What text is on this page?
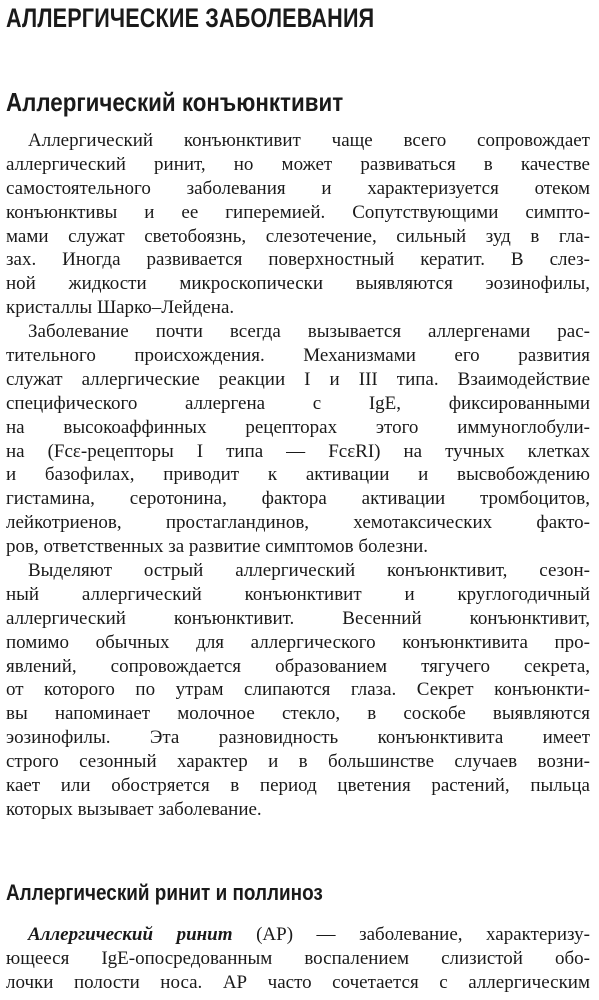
АЛЛЕРГИЧЕСКИЕ ЗАБОЛЕВАНИЯ
Аллергический конъюнктивит
Аллергический конъюнктивит чаще всего сопровождает
аллергический ринит, но может развиваться в качестве
самостоятельного заболевания и характеризуется отеком
конъюнктивы и ее гиперемией. Сопутствующими симпто-
мами служат светобоязнь, слезотечение, сильный зуд в гла-
зах. Иногда развивается поверхностный кератит. В слез-
ной жидкости микроскопически выявляются эозинофилы,
кристаллы Шарко–Лейдена.
Заболевание почти всегда вызывается аллергенами рас-
тительного происхождения. Механизмами его развития
служат аллергические реакции I и III типа. Взаимодействие
специфического аллергена с IgE, фиксированными
на высокоаффинных рецепторах этого иммуноглобули-
на (Fcε-рецепторы I типа — FcεRI) на тучных клетках
и базофилах, приводит к активации и высвобождению
гистамина, серотонина, фактора активации тромбоцитов,
лейкотриенов, простагландинов, хемотаксических факто-
ров, ответственных за развитие симптомов болезни.
Выделяют острый аллергический конъюнктивит, сезон-
ный аллергический конъюнктивит и круглогодичный
аллергический конъюнктивит. Весенний конъюнктивит,
помимо обычных для аллергического конъюнктивита про-
явлений, сопровождается образованием тягучего секрета,
от которого по утрам слипаются глаза. Секрет конъюнкти-
вы напоминает молочное стекло, в соскобе выявляются
эозинофилы. Эта разновидность конъюнктивита имеет
строго сезонный характер и в большинстве случаев возни-
кает или обостряется в период цветения растений, пыльца
которых вызывает заболевание.
Аллергический ринит и поллиноз
Аллергический ринит (АР) — заболевание, характеризу-
ющееся IgE-опосредованным воспалением слизистой обо-
лочки полости носа. АР часто сочетается с аллергическим
